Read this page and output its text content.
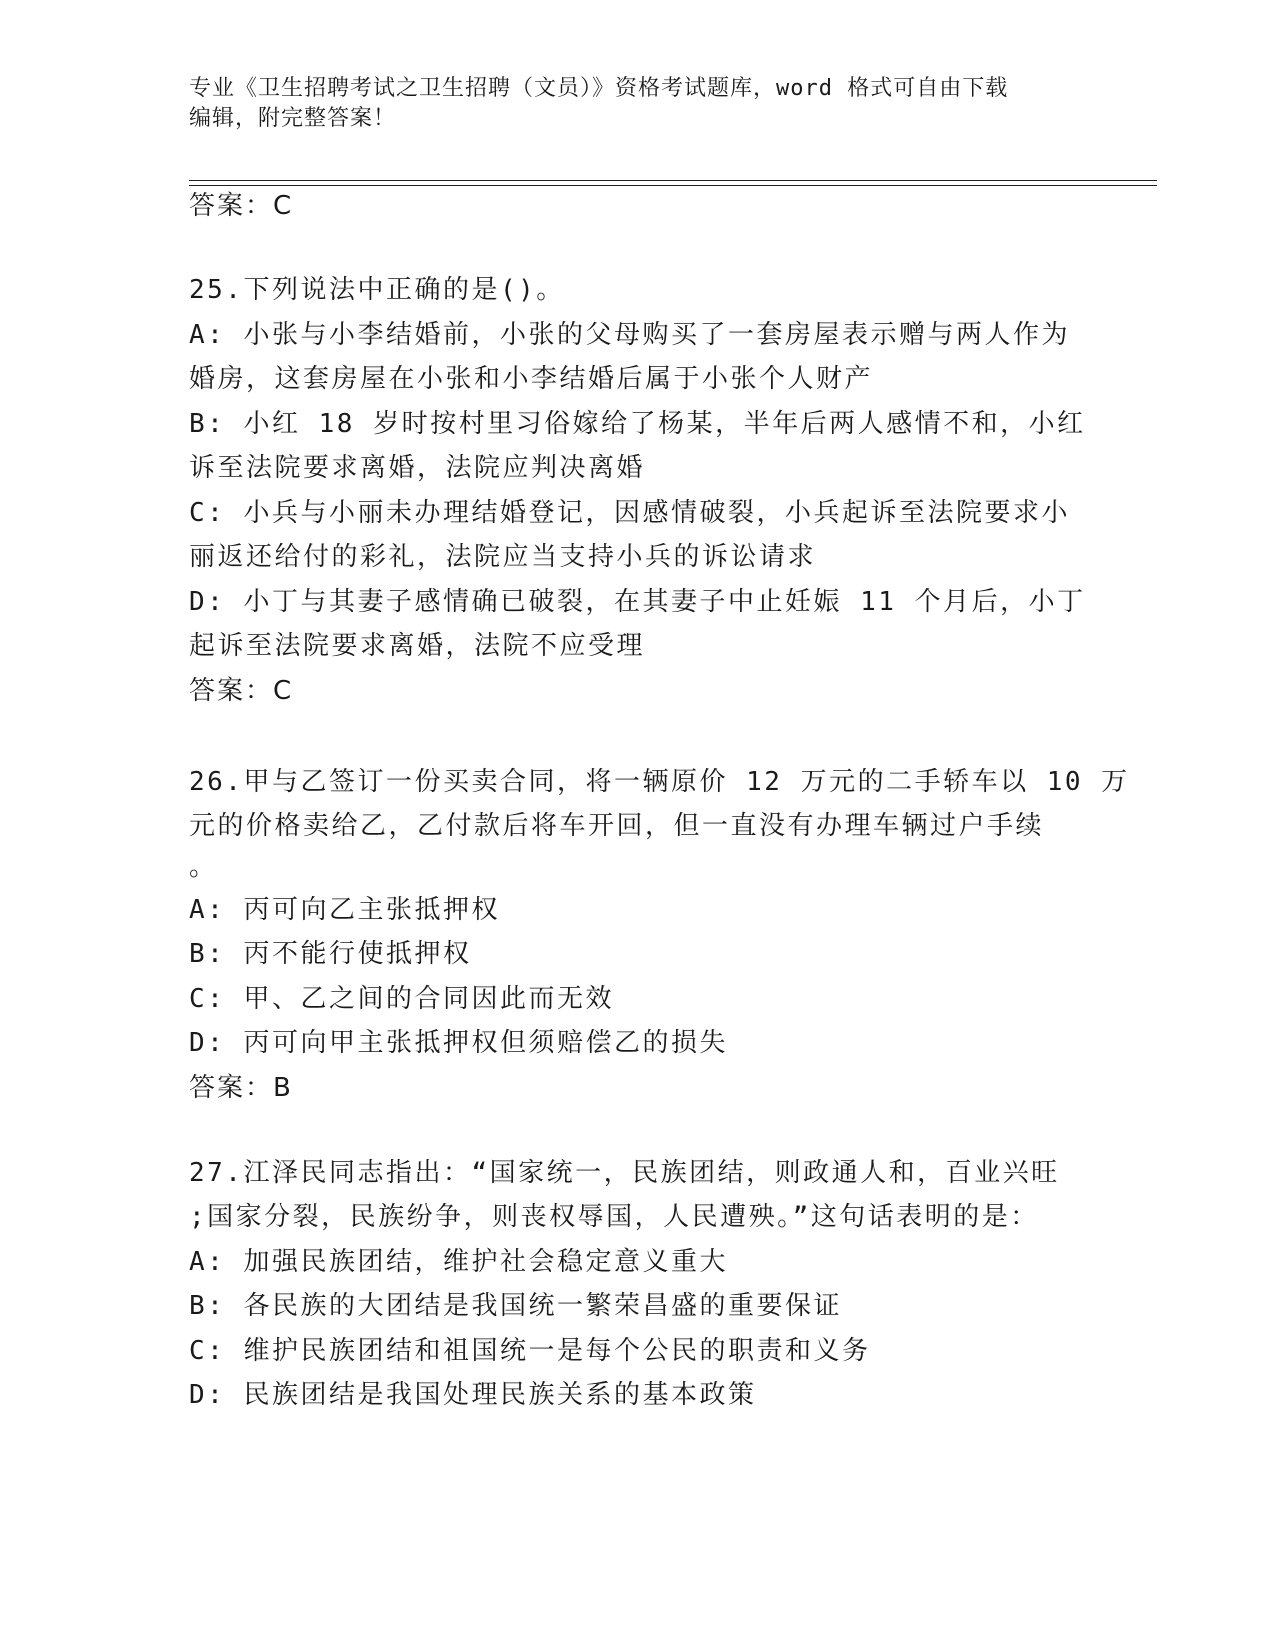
专业《卫生招聘考试之卫生招聘（文员）》资格考试题库，word 格式可自由下载
编辑，附完整答案！

答案：C
25.下列说法中正确的是()。
A: 小张与小李结婚前，小张的父母购买了一套房屋表示赠与两人作为
婚房，这套房屋在小张和小李结婚后属于小张个人财产
B: 小红 18 岁时按村里习俗嫁给了杨某，半年后两人感情不和，小红
诉至法院要求离婚，法院应判决离婚
C: 小兵与小丽未办理结婚登记，因感情破裂，小兵起诉至法院要求小
丽返还给付的彩礼，法院应当支持小兵的诉讼请求
D: 小丁与其妻子感情确已破裂，在其妻子中止妊娠 11 个月后，小丁
起诉至法院要求离婚，法院不应受理
答案：C
26.甲与乙签订一份买卖合同，将一辆原价 12 万元的二手轿车以 10 万
元的价格卖给乙，乙付款后将车开回，但一直没有办理车辆过户手续
。
A: 丙可向乙主张抵押权
B: 丙不能行使抵押权
C: 甲、乙之间的合同因此而无效
D: 丙可向甲主张抵押权但须赔偿乙的损失
答案：B
27.江泽民同志指出：“国家统一，民族团结，则政通人和，百业兴旺
;国家分裂，民族纷争，则丧权辱国，人民遭殃。”这句话表明的是：
A: 加强民族团结，维护社会稳定意义重大
B: 各民族的大团结是我国统一繁荣昌盛的重要保证
C: 维护民族团结和祖国统一是每个公民的职责和义务
D: 民族团结是我国处理民族关系的基本政策
